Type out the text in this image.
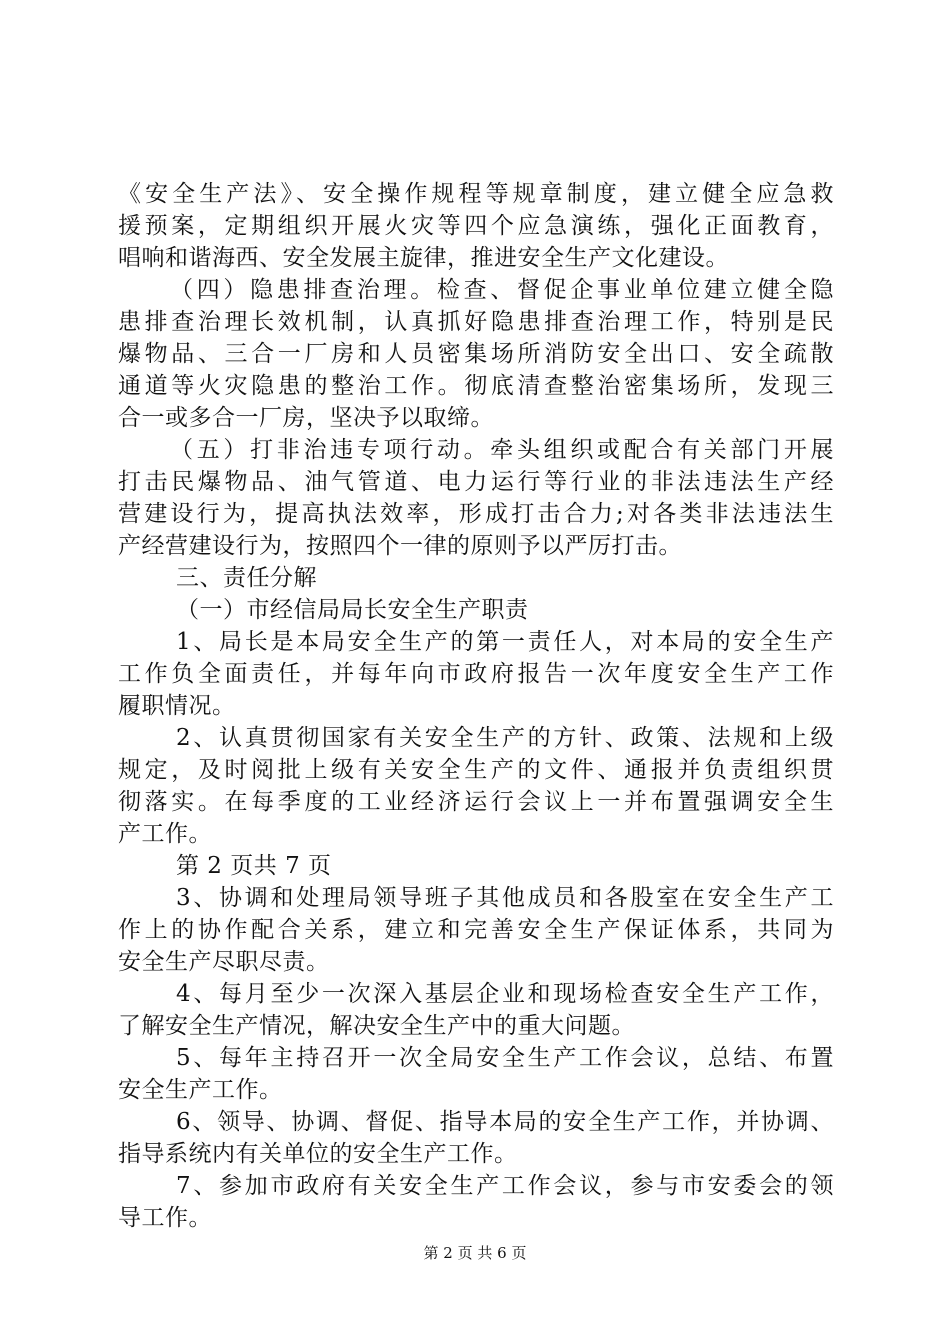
《安全生产法》、安全操作规程等规章制度，建立健全应急救
援预案，定期组织开展火灾等四个应急演练，强化正面教育，
唱响和谐海西、安全发展主旋律，推进安全生产文化建设。
（四）隐患排查治理。检查、督促企事业单位建立健全隐
患排查治理长效机制，认真抓好隐患排查治理工作，特别是民
爆物品、三合一厂房和人员密集场所消防安全出口、安全疏散
通道等火灾隐患的整治工作。彻底清查整治密集场所，发现三
合一或多合一厂房，坚决予以取缔。
（五）打非治违专项行动。牵头组织或配合有关部门开展
打击民爆物品、油气管道、电力运行等行业的非法违法生产经
营建设行为，提高执法效率，形成打击合力;对各类非法违法生
产经营建设行为，按照四个一律的原则予以严厉打击。
三、责任分解
（一）市经信局局长安全生产职责
1、局长是本局安全生产的第一责任人，对本局的安全生产
工作负全面责任，并每年向市政府报告一次年度安全生产工作
履职情况。
2、认真贯彻国家有关安全生产的方针、政策、法规和上级
规定，及时阅批上级有关安全生产的文件、通报并负责组织贯
彻落实。在每季度的工业经济运行会议上一并布置强调安全生
产工作。
第 2 页共 7 页
3、协调和处理局领导班子其他成员和各股室在安全生产工
作上的协作配合关系，建立和完善安全生产保证体系，共同为
安全生产尽职尽责。
4、每月至少一次深入基层企业和现场检查安全生产工作，
了解安全生产情况，解决安全生产中的重大问题。
5、每年主持召开一次全局安全生产工作会议，总结、布置
安全生产工作。
6、领导、协调、督促、指导本局的安全生产工作，并协调、
指导系统内有关单位的安全生产工作。
7、参加市政府有关安全生产工作会议，参与市安委会的领
导工作。
第 2 页 共 6 页
